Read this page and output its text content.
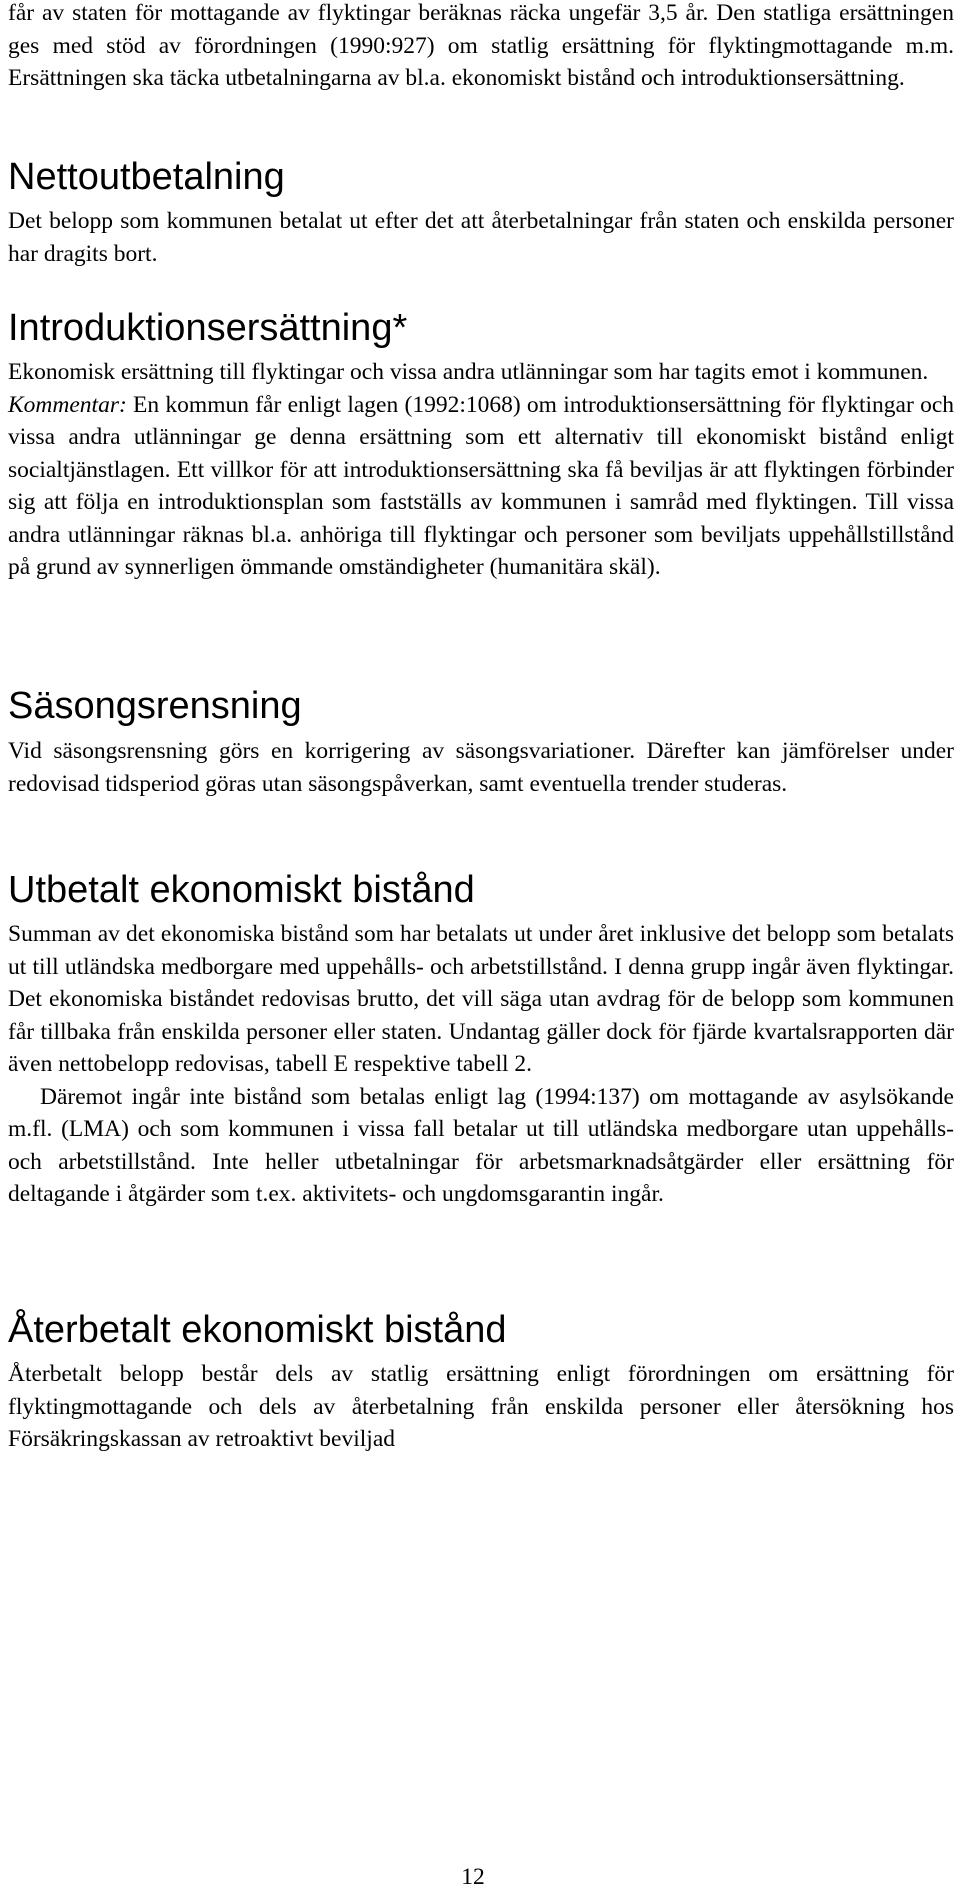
får av staten för mottagande av flyktingar beräknas räcka ungefär 3,5 år. Den statliga ersättningen ges med stöd av förordningen (1990:927) om statlig ersättning för flyktingmottagande m.m. Ersättningen ska täcka utbetalningarna av bl.a. ekonomiskt bistånd och introduktionsersättning.

Nettoutbetalning

Det belopp som kommunen betalat ut efter det att återbetalningar från staten och enskilda personer har dragits bort.

Introduktionsersättning*

Ekonomisk ersättning till flyktingar och vissa andra utlänningar som har tagits emot i kommunen.

Kommentar: En kommun får enligt lagen (1992:1068) om introduktionsersättning för flyktingar och vissa andra utlänningar ge denna ersättning som ett alternativ till ekonomiskt bistånd enligt socialtjänstlagen. Ett villkor för att introduktionsersättning ska få beviljas är att flyktingen förbinder sig att följa en introduktionsplan som fastställs av kommunen i samråd med flyktingen. Till vissa andra utlänningar räknas bl.a. anhöriga till flyktingar och personer som beviljats uppehållstillstånd på grund av synnerligen ömmande omständigheter (humanitära skäl).

Säsongsrensning

Vid säsongsrensning görs en korrigering av säsongsvariationer. Därefter kan jämförelser under redovisad tidsperiod göras utan säsongspåverkan, samt eventuella trender studeras.

Utbetalt ekonomiskt bistånd

Summan av det ekonomiska bistånd som har betalats ut under året inklusive det belopp som betalats ut till utländska medborgare med uppehålls- och arbetstillstånd. I denna grupp ingår även flyktingar. Det ekonomiska biståndet redovisas brutto, det vill säga utan avdrag för de belopp som kommunen får tillbaka från enskilda personer eller staten. Undantag gäller dock för fjärde kvartalsrapporten där även nettobelopp redovisas, tabell E respektive tabell 2.

Däremot ingår inte bistånd som betalas enligt lag (1994:137) om mottagande av asylsökande m.fl. (LMA) och som kommunen i vissa fall betalar ut till utländska medborgare utan uppehålls- och arbetstillstånd. Inte heller utbetalningar för arbetsmarknadsåtgärder eller ersättning för deltagande i åtgärder som t.ex. aktivitets- och ungdomsgarantin ingår.

Återbetalt ekonomiskt bistånd

Återbetalt belopp består dels av statlig ersättning enligt förordningen om ersättning för flyktingmottagande och dels av återbetalning från enskilda personer eller återsökning hos Försäkringskassan av retroaktivt beviljad

12
